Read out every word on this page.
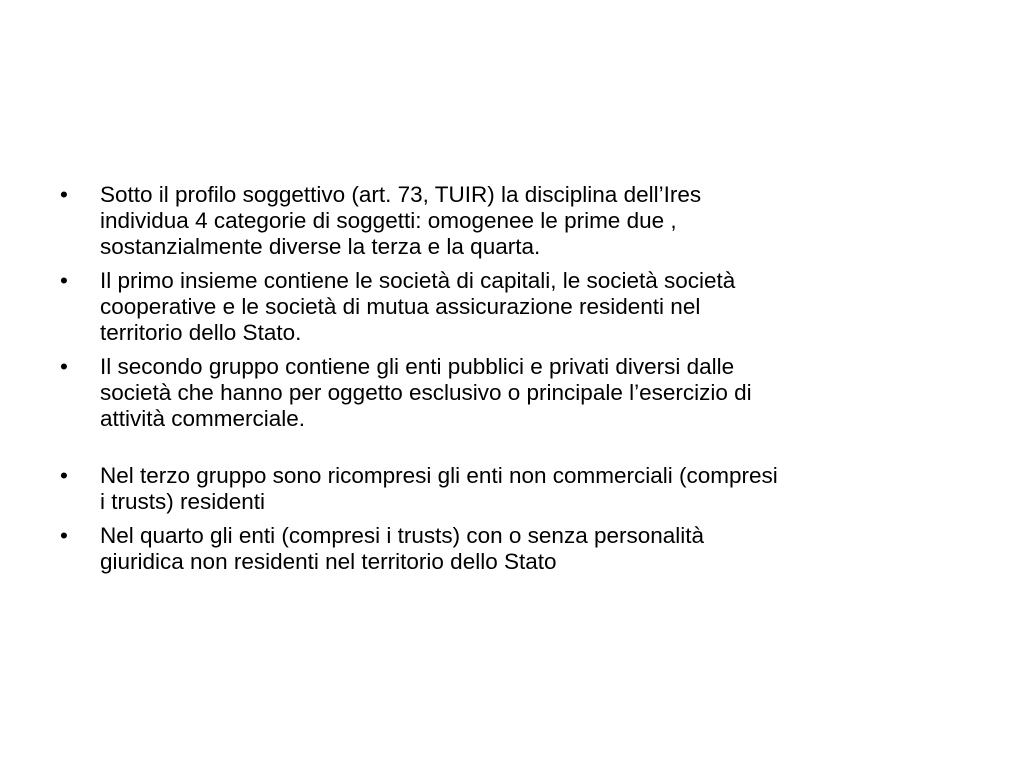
•	Sotto il profilo soggettivo (art. 73, TUIR) la disciplina dell’Ires
individua 4 categorie di soggetti: omogenee le prime due ,
sostanzialmente diverse la terza e la quarta.
•	Il primo insieme contiene le società di capitali, le società società
cooperative e le società di mutua assicurazione residenti nel
territorio dello Stato.
•	Il secondo gruppo contiene gli enti pubblici e privati diversi dalle
società che hanno per oggetto esclusivo o principale l’esercizio di
attività commerciale.
•	Nel terzo gruppo sono ricompresi gli enti non commerciali (compresi
i trusts) residenti
•	Nel quarto gli enti (compresi i trusts) con o senza personalità
giuridica non residenti nel territorio dello Stato
